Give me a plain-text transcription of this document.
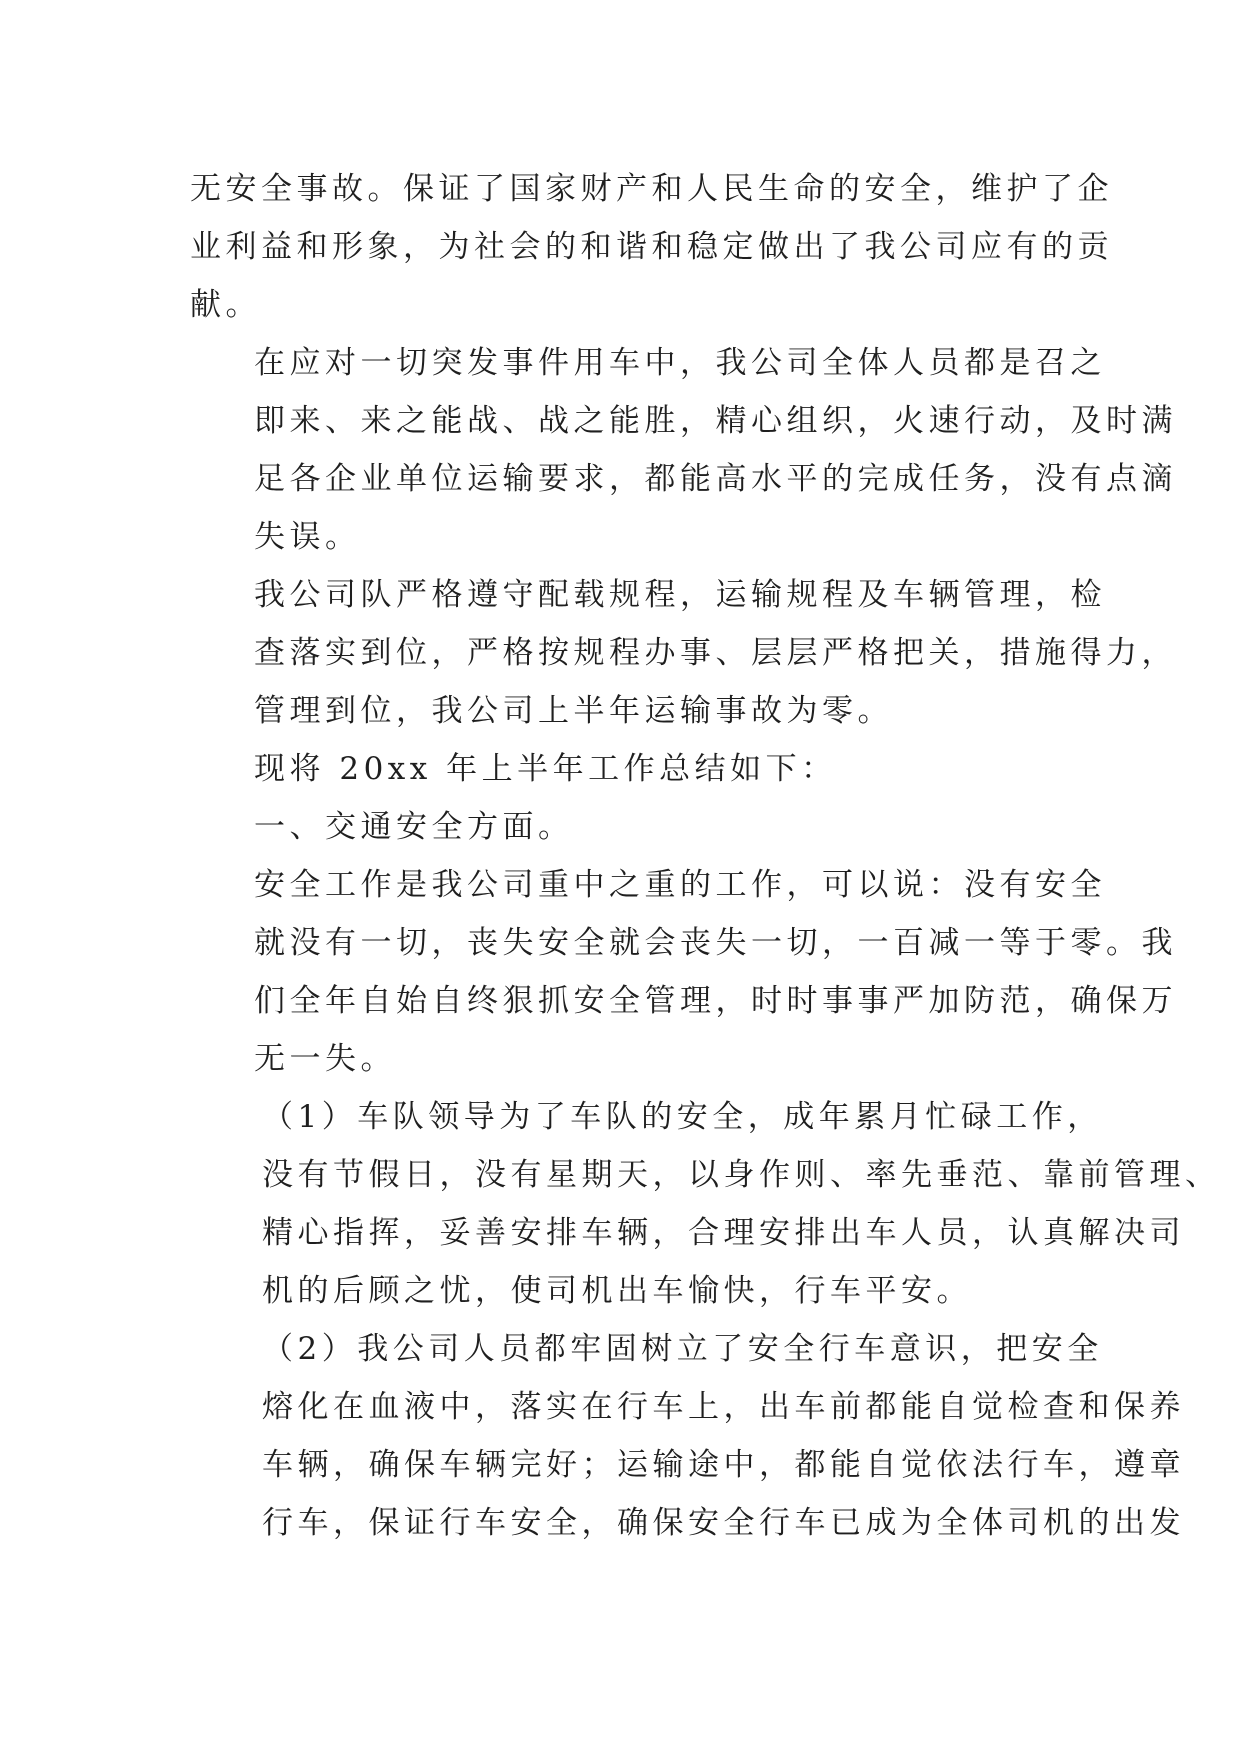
无安全事故。保证了国家财产和人民生命的安全，维护了企
业利益和形象，为社会的和谐和稳定做出了我公司应有的贡
献。
在应对一切突发事件用车中，我公司全体人员都是召之
即来、来之能战、战之能胜，精心组织，火速行动，及时满
足各企业单位运输要求，都能高水平的完成任务，没有点滴
失误。
我公司队严格遵守配载规程，运输规程及车辆管理，检
查落实到位，严格按规程办事、层层严格把关，措施得力，
管理到位，我公司上半年运输事故为零。
现将 20xx 年上半年工作总结如下：
一、交通安全方面。
安全工作是我公司重中之重的工作，可以说：没有安全
就没有一切，丧失安全就会丧失一切，一百减一等于零。我
们全年自始自终狠抓安全管理，时时事事严加防范，确保万
无一失。
（1）车队领导为了车队的安全，成年累月忙碌工作，
没有节假日，没有星期天，以身作则、率先垂范、靠前管理、
精心指挥，妥善安排车辆，合理安排出车人员，认真解决司
机的后顾之忧，使司机出车愉快，行车平安。
（2）我公司人员都牢固树立了安全行车意识，把安全
熔化在血液中，落实在行车上，出车前都能自觉检查和保养
车辆，确保车辆完好；运输途中，都能自觉依法行车，遵章
行车，保证行车安全，确保安全行车已成为全体司机的出发
